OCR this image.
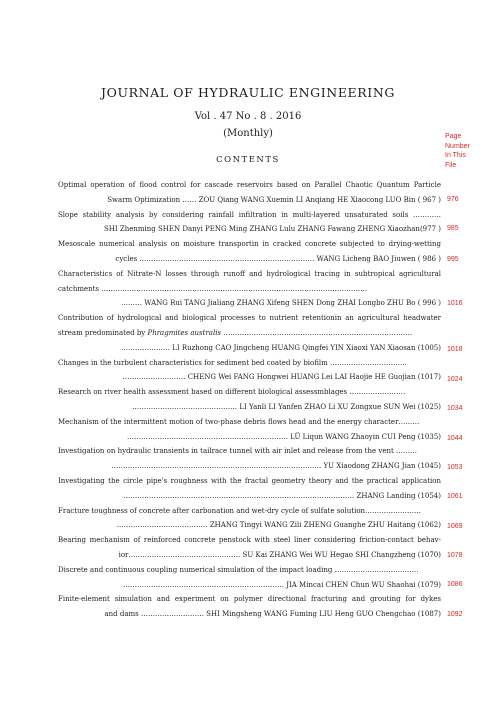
JOURNAL OF HYDRAULIC ENGINEERING
Vol . 47 No . 8 . 2016
(Monthly)
CONTENTS
Page
Number
In This
File
Optimal operation of flood control for cascade reservoirs based on Parallel Chaotic Quantum Particle
Swarm Optimization …… ZOU Qiang WANG Xuemin LI Anqiang HE Xiaocong LUO Bin ( 967 )
Slope stability analysis by considering rainfall infiltration in multi-layered unsaturated soils …………
SHI Zhenming SHEN Danyi PENG Ming ZHANG Lulu ZHANG Fawang ZHENG Xiaozhan(977 )
Mesoscale numerical analysis on moisture transportin in cracked concrete subjected to drying-wetting
cycles ………………………………………………………………… WANG Licheng BAO Jiuwen ( 986 )
Characteristics of Nitrate-N losses through runoff and hydrological tracing in subtropical agricultural
catchments ……………………………………………………………………………………………………
……… WANG Rui TANG Jialiang ZHANG Xifeng SHEN Dong ZHAI Longbo ZHU Bo ( 996 )
Contribution of hydrological and biological processes to nutrient retentionin an agricultural headwater
stream predominated by Phragmites australis ………………………………………………………………………
………………… LI Ruzhong CAO Jingcheng HUANG Qingfei YIN Xiaoxi YAN Xiaosan (1005)
Changes in the turbulent characteristics for sediment bed coated by biofilm ……………………………
……………………… CHENG Wei FANG Hongwei HUANG Lei LAI Haojie HE Guojian (1017)
Research on river health assessment based on different biological assessmblages ……………………
……………………………………… LI Yanli LI Yanfen ZHAO Li XU Zongxue SUN Wei (1025)
Mechanism of the intermittent motion of two-phase debris flows head and the energy character………
…………………………………………………………… LÜ Liqun WANG Zhaoyin CUI Peng (1035)
Investigation on hydraulic transients in tailrace tunnel with air inlet and release from the vent ………
……………………………………………………………………………… YU Xiaodong ZHANG Jian (1045)
Investigating the circle pipe's roughness with the fractal geometry theory and the practical application
……………………………………………………………………………………… ZHANG Landing (1054)
Fracture toughness of concrete after carbonation and wet-dry cycle of sulfate solution……………………
………………………………… ZHANG Tingyi WANG Zili ZHENG Guanghe ZHU Haitang (1062)
Bearing mechanism of reinforced concrete penstock with steel liner considering friction-contact behav-
ior………………………………………… SU Kai ZHANG Wei WU Hegao SHI Changzheng (1070)
Discrete and continuous coupling numerical simulation of the impact loading ………………………………
…………………………………………………………… JIA Mincai CHEN Chun WU Shaohai (1079)
Finite-element simulation and experiment on polymer directional fracturing and grouting for dykes
and dams ……………………… SHI Mingsheng WANG Fuming LIU Heng GUO Chengchao (1087)
976
985
995
1016
1018
1024
1034
1044
1053
1061
1069
1078
1086
1092
